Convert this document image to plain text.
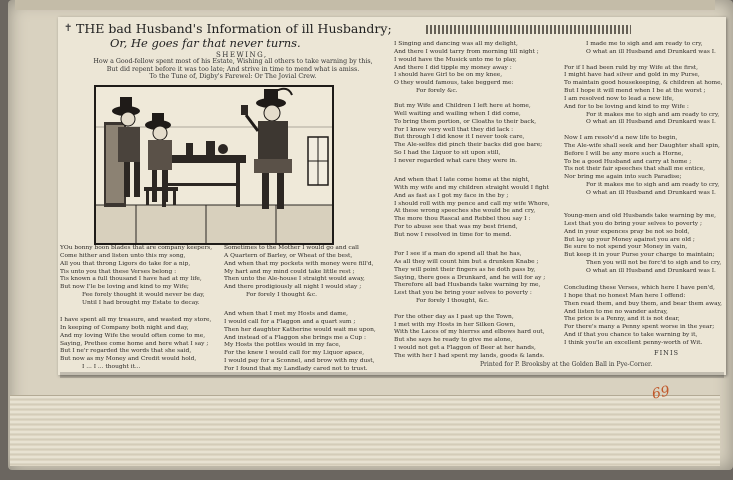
✝ THE bad Husband's Information of ill Husbandry;
Or, He goes far that never turns.
SHEWING,
How a Good-fellow spent most of his Estate, Wishing all others to take warning by this,
But did repent before it was too late; And strive in time to mend what is amiss.
To the Tune of, Digby's Farewel: Or The Jovial Crew.
YOu bonny boon blades that are company keepers,
Come hither and listen unto this my song,
All you that throng Ligors do take for a nip,
Tis unto you that these Verses belong :
Tis known a full thousand I have had at my life,
But now I'le be loving and kind to my Wife;
Fee forely thought it would never be day,
Until I had brought my Estate to decay.
I have spent all my treasure, and wasted my store,
In keeping of Company both night and day,
And my loving Wife the would often come to me,
Saying, Prethee come home and here what I say ;
But I ne'r regarded the words that she said,
But now as my Money and Credit would hold,
I ... I ... thought it...
Sometimes to the Mother I would go and call
A Quartern of Barley, or Wheat of the best,
And when that my pockets with money were fill'd,
My hart and my mind could take little rest ;
Then unto the Ale-house I straight would away,
And there prodigiously all night I would stay ;
For forely I thought &c.
And when that I met my Hosts and dame,
I would call for a Flaggon and a quart sum ;
Then her daughter Katherine would wait me upon,
And instead of a Flaggon she brings me a Cup :
My Hosts the pottles would in my face,
For the knew I would call for my Liquor apace,
I would pay for a Sconnel, and brow with my dust,
For I found that my Landlady cared not to trust.
I Singing and dancing was all my delight,
And there I would tarry from morning till night ;
I would have the Musick unto me to play,
And there I did tipple my money away :
I should have Girl to be on my knee,
O they would famous, take beggerd me:
For forely &c.
But my Wife and Children I left here at home,
Well waiting and wailing when I did come,
To bring them portion, or Cloaths to their back,
For I knew very well that they did lack :
But through I did know it I never took care,
The Ale-selfes did pinch their backs did goe bare;
So I had the Liquor to sit upon still,
I never regarded what care they were in.
And when that I late come home at the night,
With my wife and my children straight would I fight
And as fast as I got my face in the by ;
I should roll with my pence and call my wife Whore,
At these wrong speeches she would be and cry,
The more thou Rascal and Rebbel thou say I :
For to abuse see that was my best friend,
But now I resolved in time for to mend.
For I see if a man do spend all that he has,
As all they will count him but a drunken Knabe ;
They will point their fingers as he doth pass by,
Saying, there goes a Drunkard, and he will for ay ;
Therefore all bad Husbands take warning by me,
Lest that you be bring your selves to poverty :
For forely I thought, &c.
For the other day as I past up the Town,
I met with my Hosts in her Silken Gown,
With the Laces of my hierrss and elbows hard out,
But she says he ready to give me alone,
I would not get a Flaggon of Beer at her hands,
The with her I had spent my lands, goods & lands.
I made me to sigh and am ready to cry,
O what an ill Husband and Drunkard was I.
For if I had been ruld by my Wife at the first,
I might have had silver and gold in my Purse,
To maintain good housekeeping, & children at home,
But I hope it will mend when I be at the worst ;
I am resolved now to lead a new life,
And for to be loving and kind to my Wife :
For it makes me to sigh and am ready to cry,
O what an ill Husband and Drunkard was I.
Now I am resolv'd a new life to begin,
The Ale-wife shall seek and her Daughter shall spin,
Before I will be any more such a Horne,
To be a good Husband and carry at home ;
Tis not their fair speeches that shall me entice,
Nor bring me again into such Paradise;
For it makes me to sigh and am ready to cry,
O what an ill Husband and Drunkard was I.
Young-men and old Husbands take warning by me,
Lest that you do bring your selves to poverty ;
And in your expences pray be not so bold,
But lay up your Money against you are old ;
Be sure to not spend your Money in vain,
But keep it in your Purse your charge to maintain;
Then you will not be forc'd to sigh and to cry,
O what an ill Husband and Drunkard was I.
Concluding these Verses, which here I have pen'd,
I hope that no honest Man here I offend:
Then read them, and buy them, and bear them away,
And listen to me no wander astray,
The price is a Penny, and it is not dear,
For there's many a Penny spent worse in the year;
And if that you chance to take warning by it,
I think you'le an excellent penny-worth of Wit.
FINIS
Printed for P. Brooksby at the Golden Ball in Pye-Corner.
69
